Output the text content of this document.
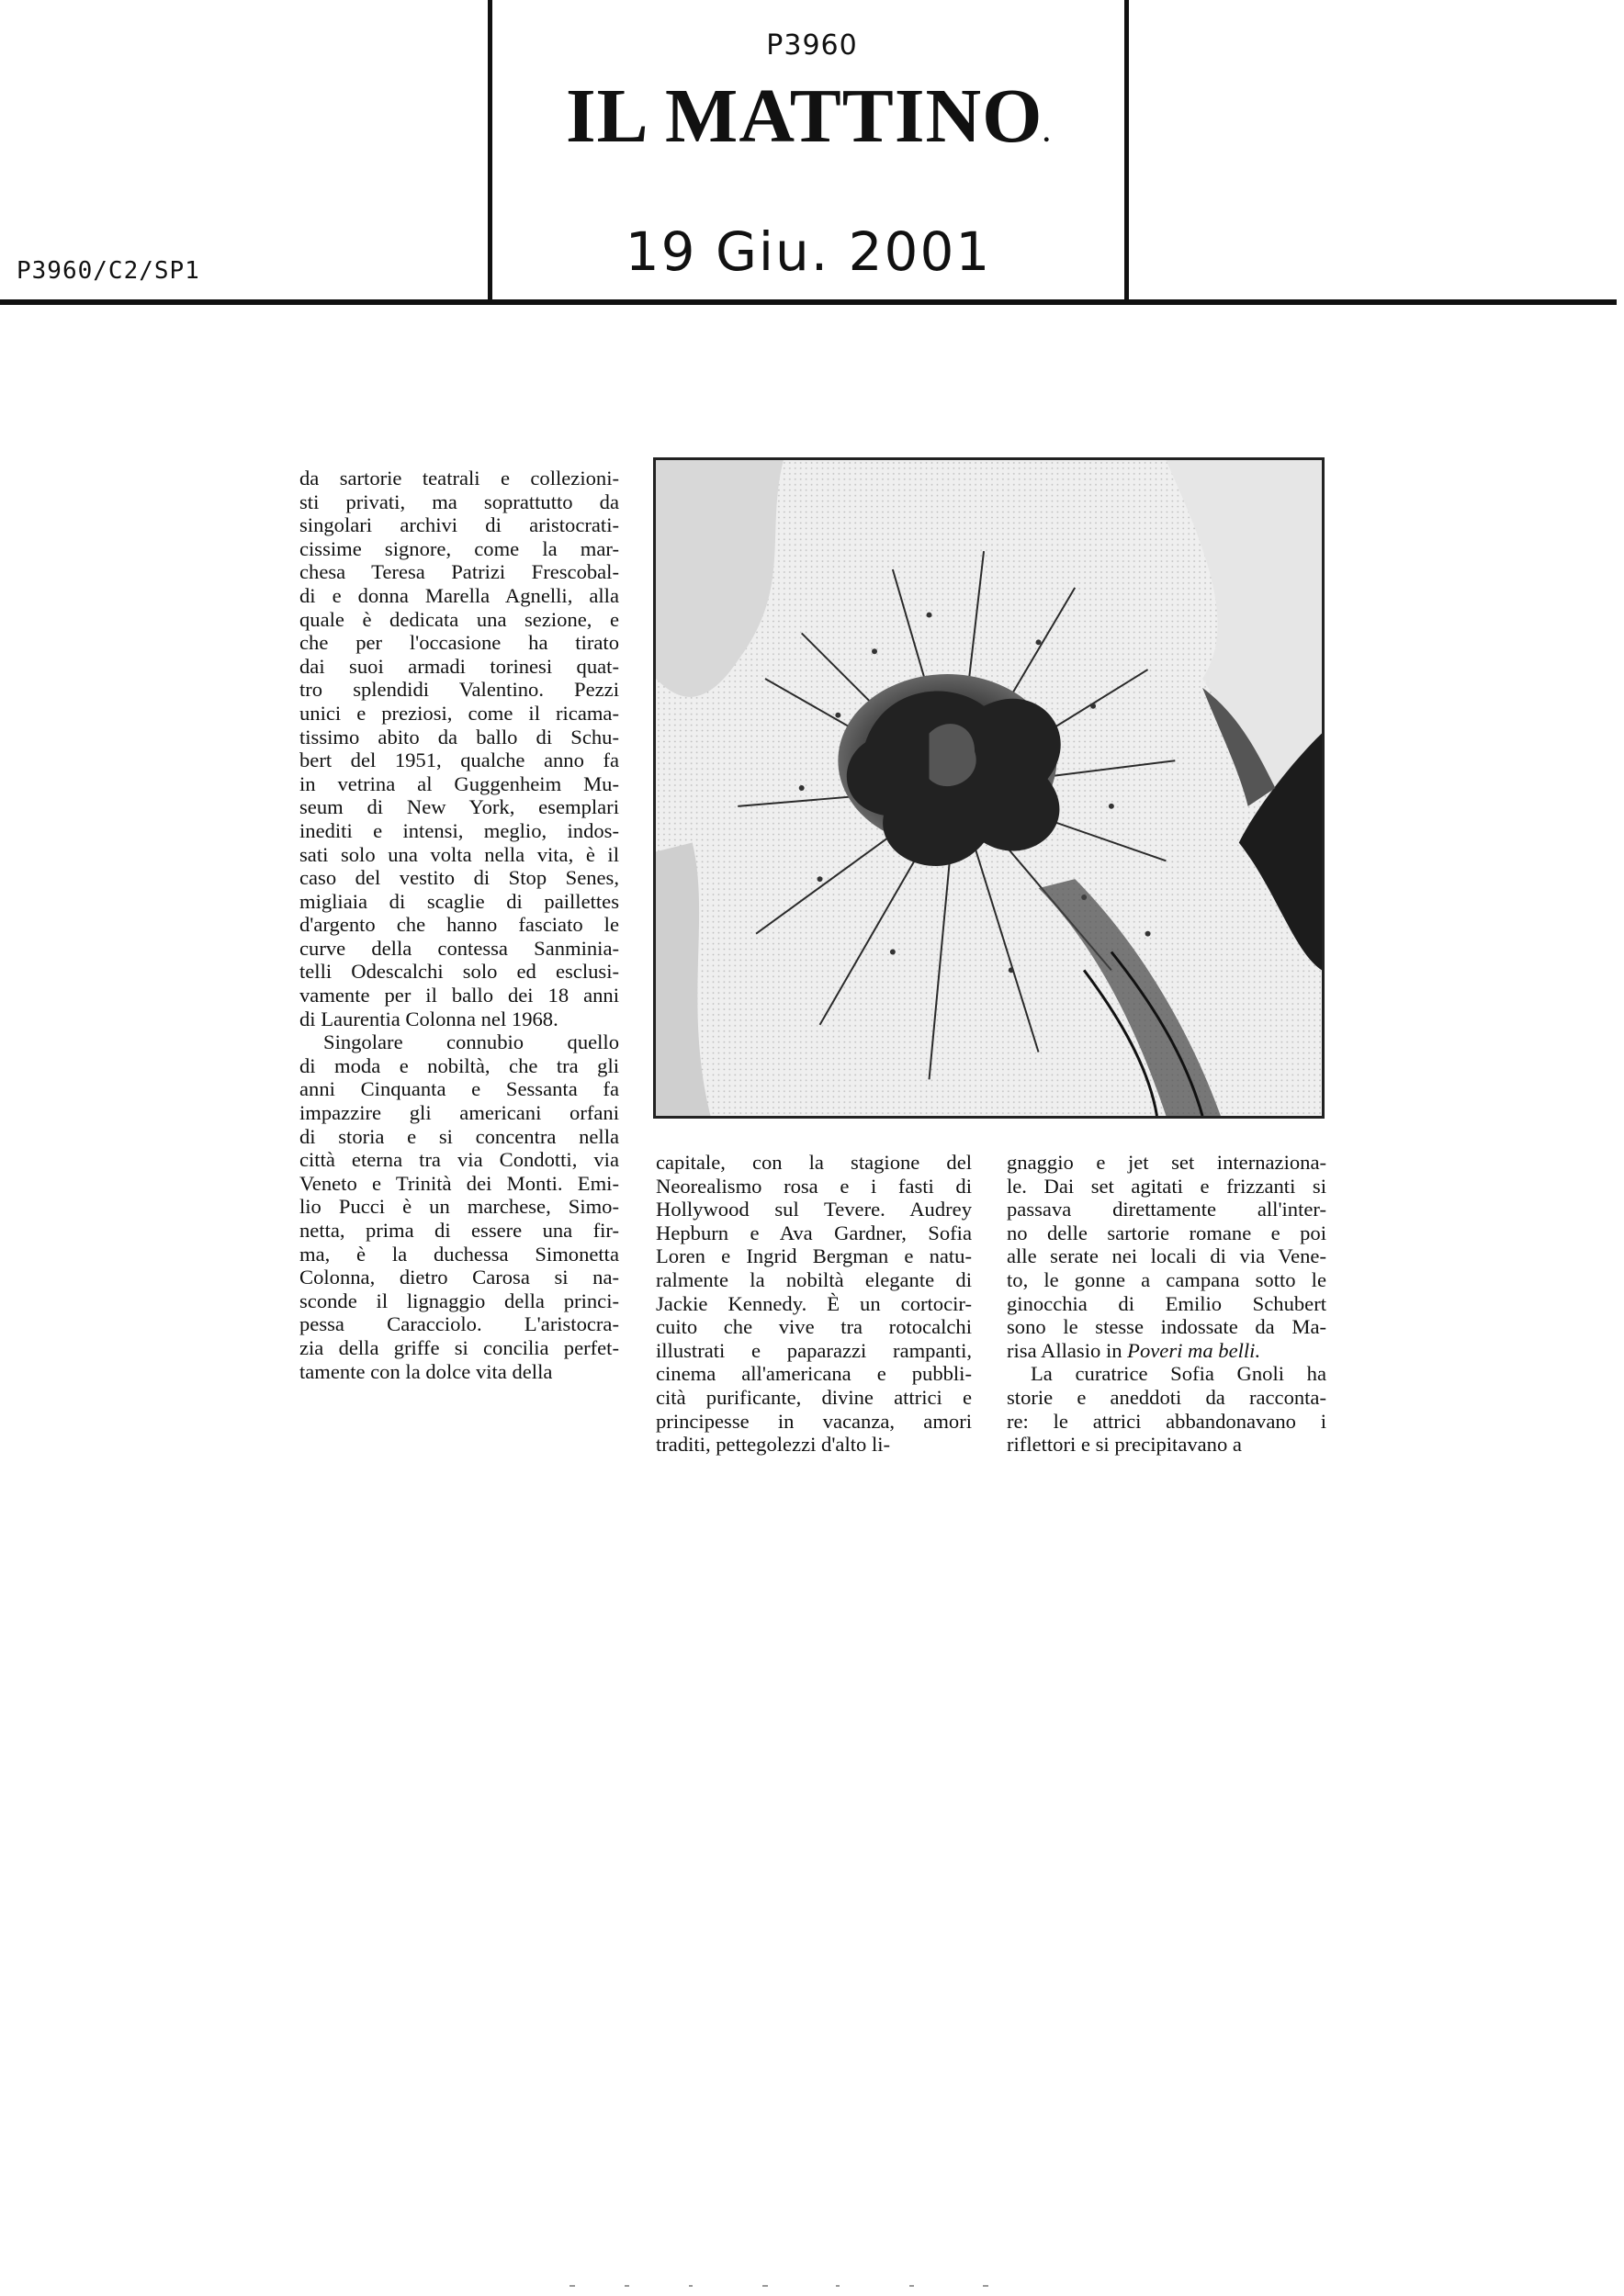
P3960
IL MATTINO.
19 Giu. 2001
P3960/C2/SP1
da sartorie teatrali e collezioni-
sti privati, ma soprattutto da
singolari archivi di aristocrati-
cissime signore, come la mar-
chesa Teresa Patrizi Frescobal-
di e donna Marella Agnelli, alla
quale è dedicata una sezione, e
che per l'occasione ha tirato
dai suoi armadi torinesi quat-
tro splendidi Valentino. Pezzi
unici e preziosi, come il ricama-
tissimo abito da ballo di Schu-
bert del 1951, qualche anno fa
in vetrina al Guggenheim Mu-
seum di New York, esemplari
inediti e intensi, meglio, indos-
sati solo una volta nella vita, è il
caso del vestito di Stop Senes,
migliaia di scaglie di paillettes
d'argento che hanno fasciato le
curve della contessa Sanminia-
telli Odescalchi solo ed esclusi-
vamente per il ballo dei 18 anni
di Laurentia Colonna nel 1968.
Singolare connubio quello
di moda e nobiltà, che tra gli
anni Cinquanta e Sessanta fa
impazzire gli americani orfani
di storia e si concentra nella
città eterna tra via Condotti, via
Veneto e Trinità dei Monti. Emi-
lio Pucci è un marchese, Simo-
netta, prima di essere una fir-
ma, è la duchessa Simonetta
Colonna, dietro Carosa si na-
sconde il lignaggio della princi-
pessa Caracciolo. L'aristocra-
zia della griffe si concilia perfet-
tamente con la dolce vita della
capitale, con la stagione del
Neorealismo rosa e i fasti di
Hollywood sul Tevere. Audrey
Hepburn e Ava Gardner, Sofia
Loren e Ingrid Bergman e natu-
ralmente la nobiltà elegante di
Jackie Kennedy. È un cortocir-
cuito che vive tra rotocalchi
illustrati e paparazzi rampanti,
cinema all'americana e pubbli-
cità purificante, divine attrici e
principesse in vacanza, amori
traditi, pettegolezzi d'alto li-
gnaggio e jet set internaziona-
le. Dai set agitati e frizzanti si
passava direttamente all'inter-
no delle sartorie romane e poi
alle serate nei locali di via Vene-
to, le gonne a campana sotto le
ginocchia di Emilio Schubert
sono le stesse indossate da Ma-
risa Allasio in Poveri ma belli.
La curatrice Sofia Gnoli ha
storie e aneddoti da racconta-
re: le attrici abbandonavano i
riflettori e si precipitavano a
